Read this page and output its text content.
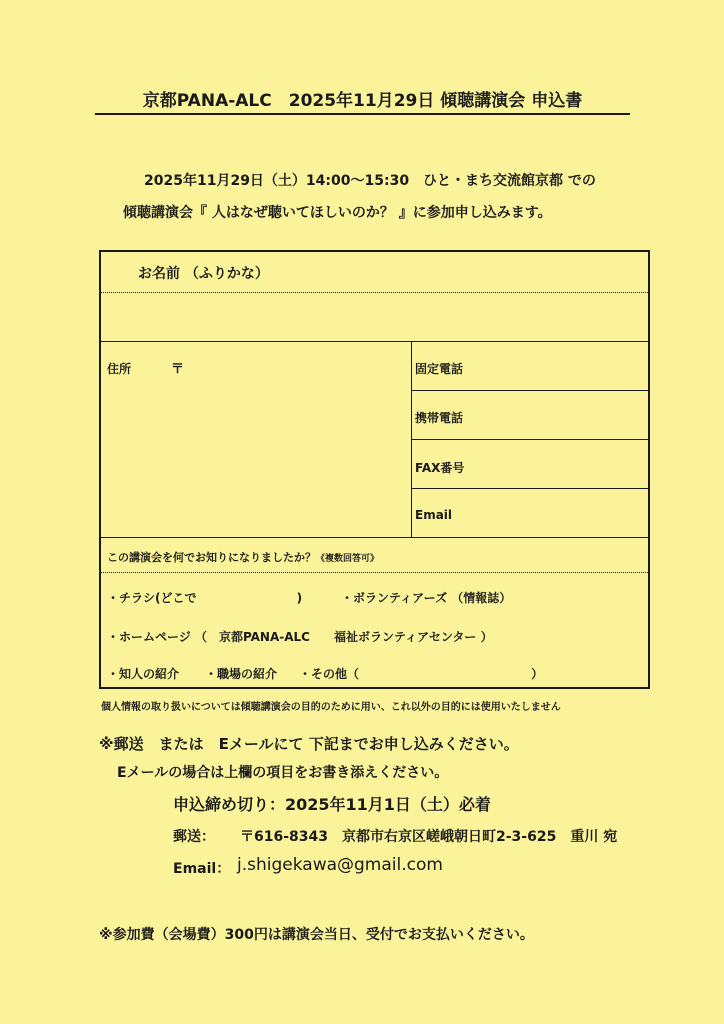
京都PANA-ALC　2025年11月29日 傾聴講演会 申込書
2025年11月29日（土）14:00～15:30　ひと・まち交流館京都 での
傾聴講演会『 人はなぜ聴いてほしいのか？ 』に参加申し込みます。
お名前 （ふりかな）
住所	〒	固定電話
携帯電話
FAX番号
Email
この講演会を何でお知りになりましたか？《複数回答可》
・チラシ(どこで　　　　　　　　 )	・ボランティアーズ （情報誌）
・ホームページ （　京都PANA-ALC　　福祉ボランティアセンター ）
・知人の紹介 ・職場の紹介 ・その他（　　　　　　　　　　　　　　 ）
個人情報の取り扱いについては傾聴講演会の目的のために用い、これ以外の目的には使用いたしません
※郵送　または　Eメールにて 下記までお申し込みください。
Eメールの場合は上欄の項目をお書き添えください。
申込締め切り：2025年11月1日（土）必着
郵送： 〒616-8343　京都市右京区嵯峨朝日町2-3-625　重川 宛
Email： j.shigekawa@gmail.com
※参加費（会場費）300円は講演会当日、受付でお支払いください。
